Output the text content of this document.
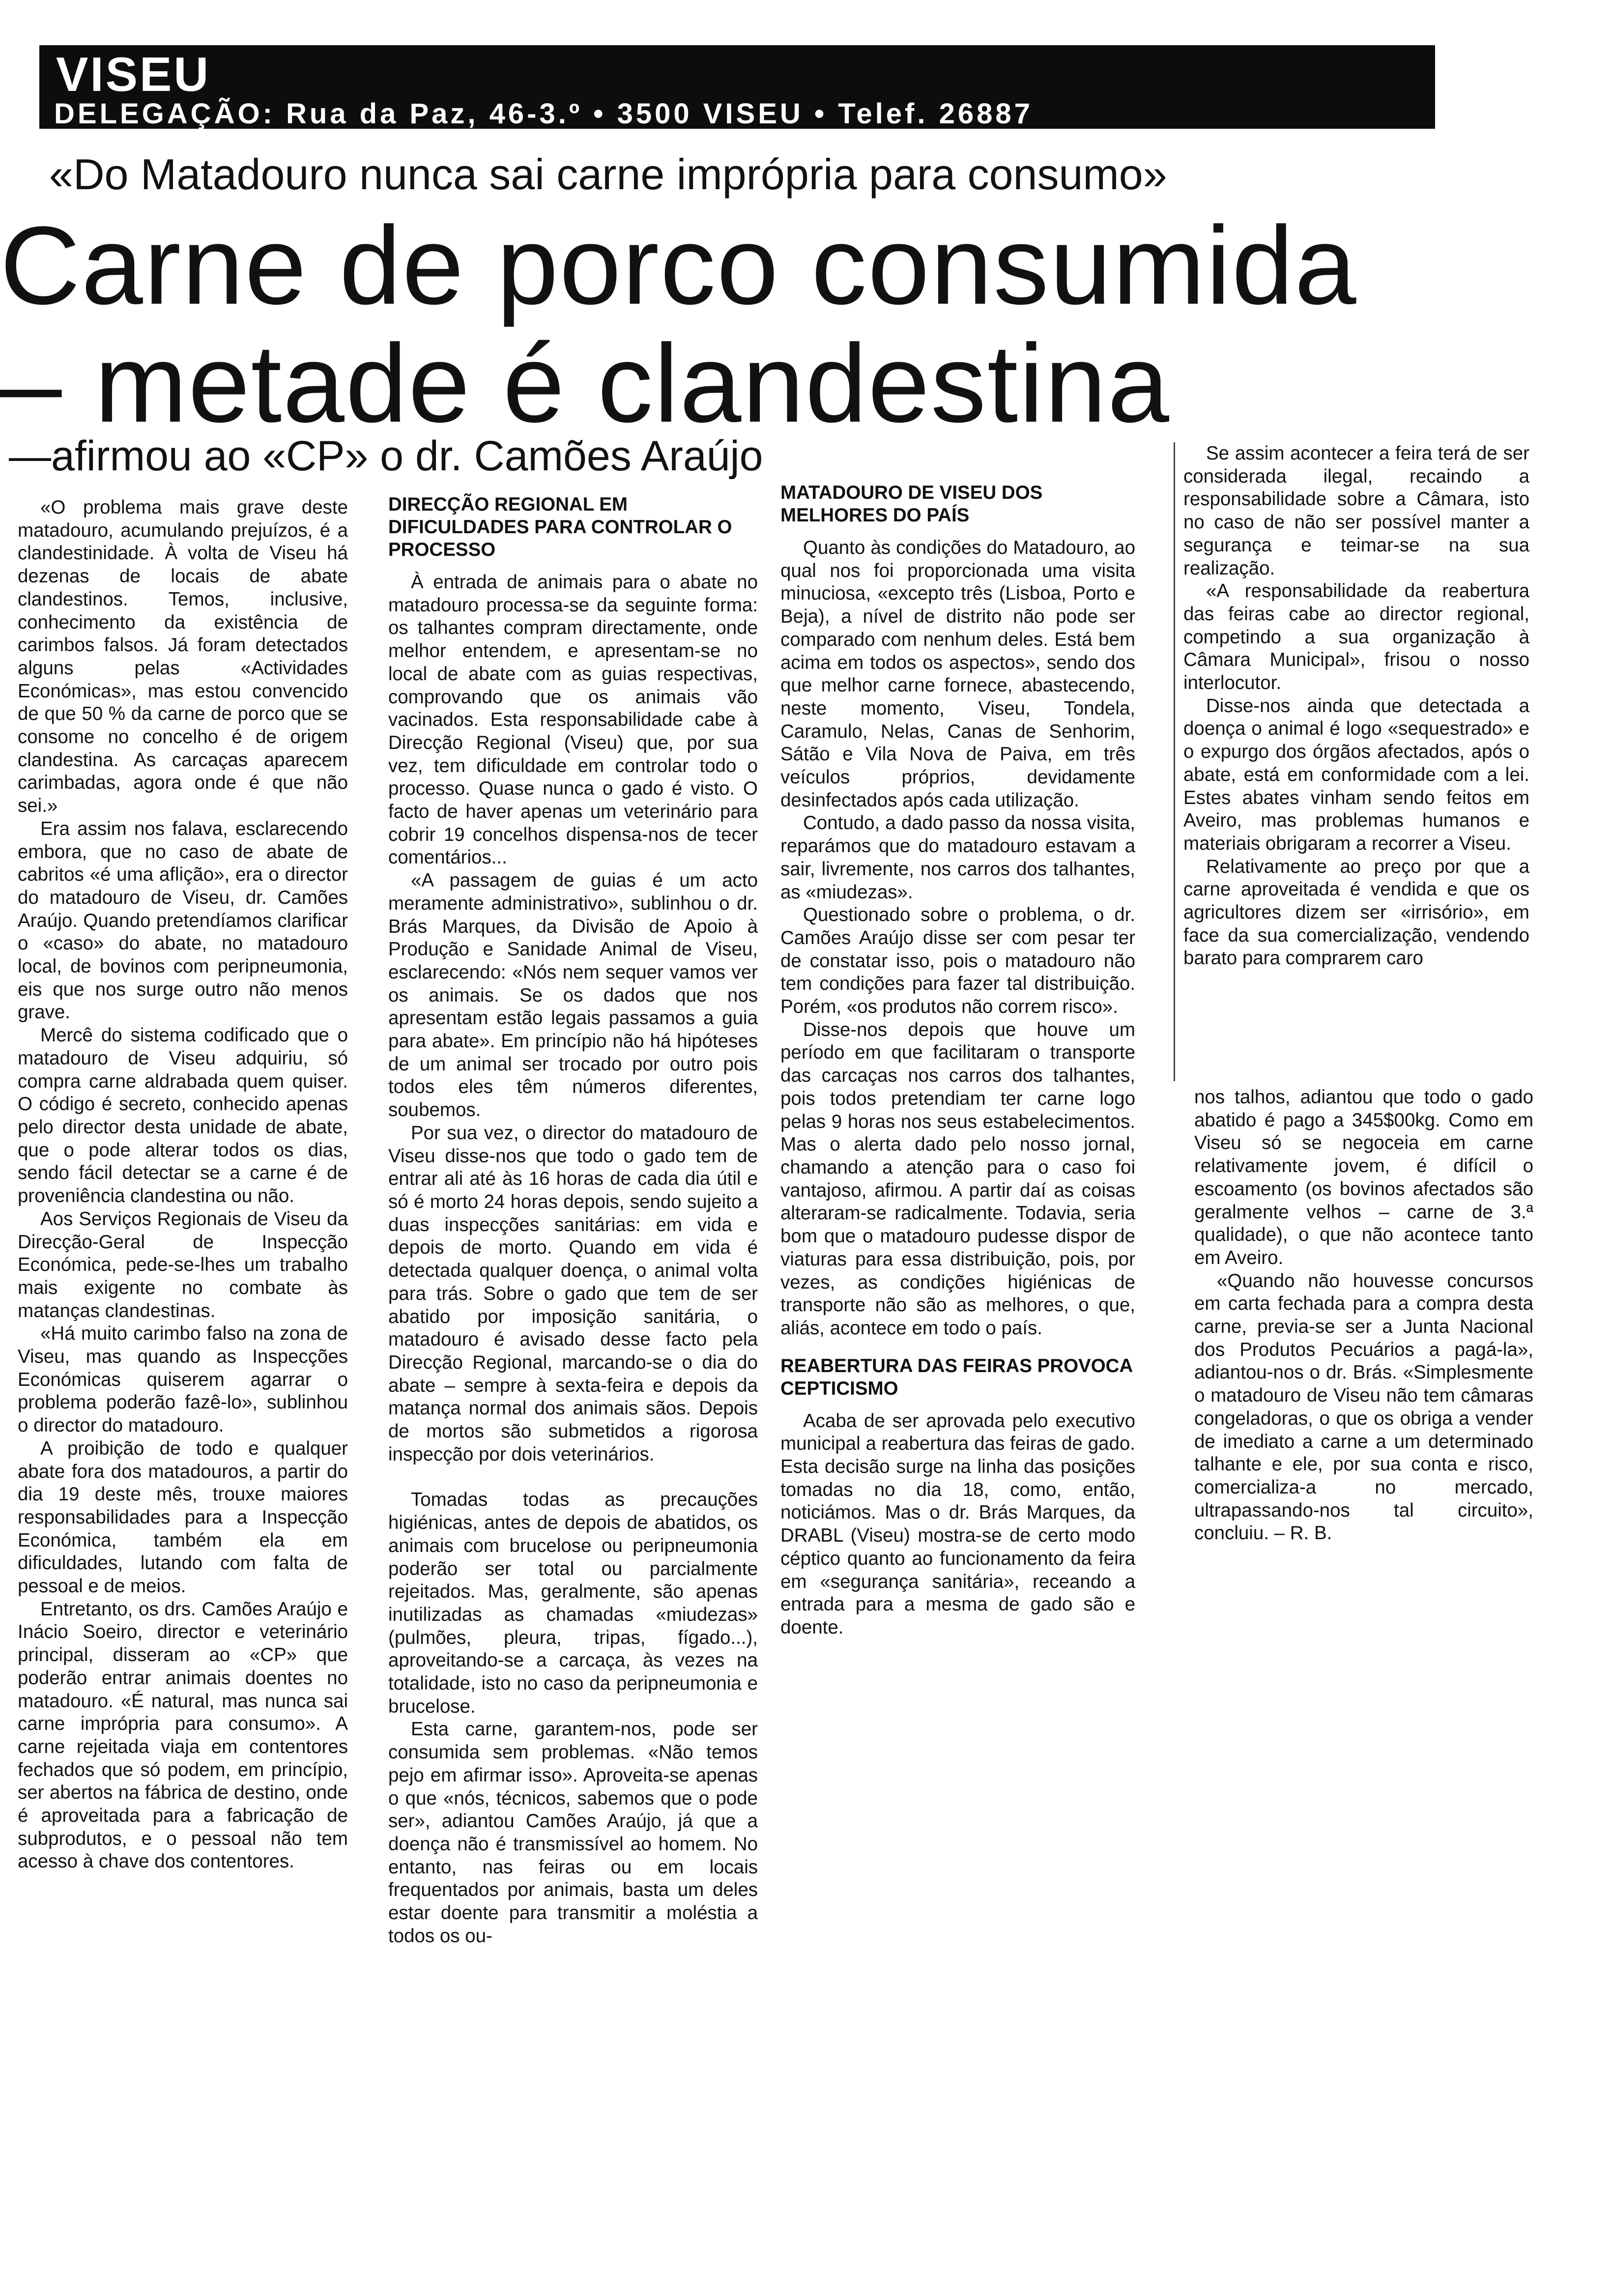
VISEU
DELEGAÇÃO: Rua da Paz, 46-3.º • 3500 VISEU • Telef. 26887
«Do Matadouro nunca sai carne imprópria para consumo»
Carne de porco consumida
– metade é clandestina
—afirmou ao «CP» o dr. Camões Araújo

«O problema mais grave deste matadouro, acumulando prejuízos, é a clandestinidade. À volta de Viseu há dezenas de locais de abate clandestinos. Temos, inclusive, conhecimento da existência de carimbos falsos. Já foram detectados alguns pelas «Actividades Económicas», mas estou convencido de que 50 % da carne de porco que se consome no concelho é de origem clandestina. As carcaças aparecem carimbadas, agora onde é que não sei.»

Era assim nos falava, esclarecendo embora, que no caso de abate de cabritos «é uma aflição», era o director do matadouro de Viseu, dr. Camões Araújo. Quando pretendíamos clarificar o «caso» do abate, no matadouro local, de bovinos com peripneumonia, eis que nos surge outro não menos grave.

Mercê do sistema codificado que o matadouro de Viseu adquiriu, só compra carne aldrabada quem quiser. O código é secreto, conhecido apenas pelo director desta unidade de abate, que o pode alterar todos os dias, sendo fácil detectar se a carne é de proveniência clandestina ou não.

Aos Serviços Regionais de Viseu da Direcção-Geral de Inspecção Económica, pede-se-lhes um trabalho mais exigente no combate às matanças clandestinas.

«Há muito carimbo falso na zona de Viseu, mas quando as Inspecções Económicas quiserem agarrar o problema poderão fazê-lo», sublinhou o director do matadouro.

A proibição de todo e qualquer abate fora dos matadouros, a partir do dia 19 deste mês, trouxe maiores responsabilidades para a Inspecção Económica, também ela em dificuldades, lutando com falta de pessoal e de meios.

Entretanto, os drs. Camões Araújo e Inácio Soeiro, director e veterinário principal, disseram ao «CP» que poderão entrar animais doentes no matadouro. «É natural, mas nunca sai carne imprópria para consumo». A carne rejeitada viaja em contentores fechados que só podem, em princípio, ser abertos na fábrica de destino, onde é aproveitada para a fabricação de subprodutos, e o pessoal não tem acesso à chave dos contentores.

DIRECÇÃO REGIONAL EM DIFICULDADES PARA CONTROLAR O PROCESSO

À entrada de animais para o abate no matadouro processa-se da seguinte forma: os talhantes compram directamente, onde melhor entendem, e apresentam-se no local de abate com as guias respectivas, comprovando que os animais vão vacinados. Esta responsabilidade cabe à Direcção Regional (Viseu) que, por sua vez, tem dificuldade em controlar todo o processo. Quase nunca o gado é visto. O facto de haver apenas um veterinário para cobrir 19 concelhos dispensa-nos de tecer comentários...

«A passagem de guias é um acto meramente administrativo», sublinhou o dr. Brás Marques, da Divisão de Apoio à Produção e Sanidade Animal de Viseu, esclarecendo: «Nós nem sequer vamos ver os animais. Se os dados que nos apresentam estão legais passamos a guia para abate». Em princípio não há hipóteses de um animal ser trocado por outro pois todos eles têm números diferentes, soubemos.

Por sua vez, o director do matadouro de Viseu disse-nos que todo o gado tem de entrar ali até às 16 horas de cada dia útil e só é morto 24 horas depois, sendo sujeito a duas inspecções sanitárias: em vida e depois de morto. Quando em vida é detectada qualquer doença, o animal volta para trás. Sobre o gado que tem de ser abatido por imposição sanitária, o matadouro é avisado desse facto pela Direcção Regional, marcando-se o dia do abate – sempre à sexta-feira e depois da matança normal dos animais sãos. Depois de mortos são submetidos a rigorosa inspecção por dois veterinários.

Tomadas todas as precauções higiénicas, antes de depois de abatidos, os animais com brucelose ou peripneumonia poderão ser total ou parcialmente rejeitados. Mas, geralmente, são apenas inutilizadas as chamadas «miudezas» (pulmões, pleura, tripas, fígado...), aproveitando-se a carcaça, às vezes na totalidade, isto no caso da peripneumonia e brucelose.

Esta carne, garantem-nos, pode ser consumida sem problemas. «Não temos pejo em afirmar isso». Aproveita-se apenas o que «nós, técnicos, sabemos que o pode ser», adiantou Camões Araújo, já que a doença não é transmissível ao homem. No entanto, nas feiras ou em locais frequentados por animais, basta um deles estar doente para transmitir a moléstia a todos os ou-

MATADOURO DE VISEU DOS MELHORES DO PAÍS

Quanto às condições do Matadouro, ao qual nos foi proporcionada uma visita minuciosa, «excepto três (Lisboa, Porto e Beja), a nível de distrito não pode ser comparado com nenhum deles. Está bem acima em todos os aspectos», sendo dos que melhor carne fornece, abastecendo, neste momento, Viseu, Tondela, Caramulo, Nelas, Canas de Senhorim, Sátão e Vila Nova de Paiva, em três veículos próprios, devidamente desinfectados após cada utilização.

Contudo, a dado passo da nossa visita, reparámos que do matadouro estavam a sair, livremente, nos carros dos talhantes, as «miudezas».

Questionado sobre o problema, o dr. Camões Araújo disse ser com pesar ter de constatar isso, pois o matadouro não tem condições para fazer tal distribuição. Porém, «os produtos não correm risco».

Disse-nos depois que houve um período em que facilitaram o transporte das carcaças nos carros dos talhantes, pois todos pretendiam ter carne logo pelas 9 horas nos seus estabelecimentos. Mas o alerta dado pelo nosso jornal, chamando a atenção para o caso foi vantajoso, afirmou. A partir daí as coisas alteraram-se radicalmente. Todavia, seria bom que o matadouro pudesse dispor de viaturas para essa distribuição, pois, por vezes, as condições higiénicas de transporte não são as melhores, o que, aliás, acontece em todo o país.

REABERTURA DAS FEIRAS PROVOCA CEPTICISMO

Acaba de ser aprovada pelo executivo municipal a reabertura das feiras de gado. Esta decisão surge na linha das posições tomadas no dia 18, como, então, noticiámos. Mas o dr. Brás Marques, da DRABL (Viseu) mostra-se de certo modo céptico quanto ao funcionamento da feira em «segurança sanitária», receando a entrada para a mesma de gado são e doente.

Se assim acontecer a feira terá de ser considerada ilegal, recaindo a responsabilidade sobre a Câmara, isto no caso de não ser possível manter a segurança e teimar-se na sua realização.

«A responsabilidade da reabertura das feiras cabe ao director regional, competindo a sua organização à Câmara Municipal», frisou o nosso interlocutor.

Disse-nos ainda que detectada a doença o animal é logo «sequestrado» e o expurgo dos órgãos afectados, após o abate, está em conformidade com a lei. Estes abates vinham sendo feitos em Aveiro, mas problemas humanos e materiais obrigaram a recorrer a Viseu.

Relativamente ao preço por que a carne aproveitada é vendida e que os agricultores dizem ser «irrisório», em face da sua comercialização, vendendo barato para comprarem caro

nos talhos, adiantou que todo o gado abatido é pago a 345$00kg. Como em Viseu só se negoceia em carne relativamente jovem, é difícil o escoamento (os bovinos afectados são geralmente velhos – carne de 3.ª qualidade), o que não acontece tanto em Aveiro.

«Quando não houvesse concursos em carta fechada para a compra desta carne, previa-se ser a Junta Nacional dos Produtos Pecuários a pagá-la», adiantou-nos o dr. Brás. «Simplesmente o matadouro de Viseu não tem câmaras congeladoras, o que os obriga a vender de imediato a carne a um determinado talhante e ele, por sua conta e risco, comercializa-a no mercado, ultrapassando-nos tal circuito», concluiu. – R. B.
